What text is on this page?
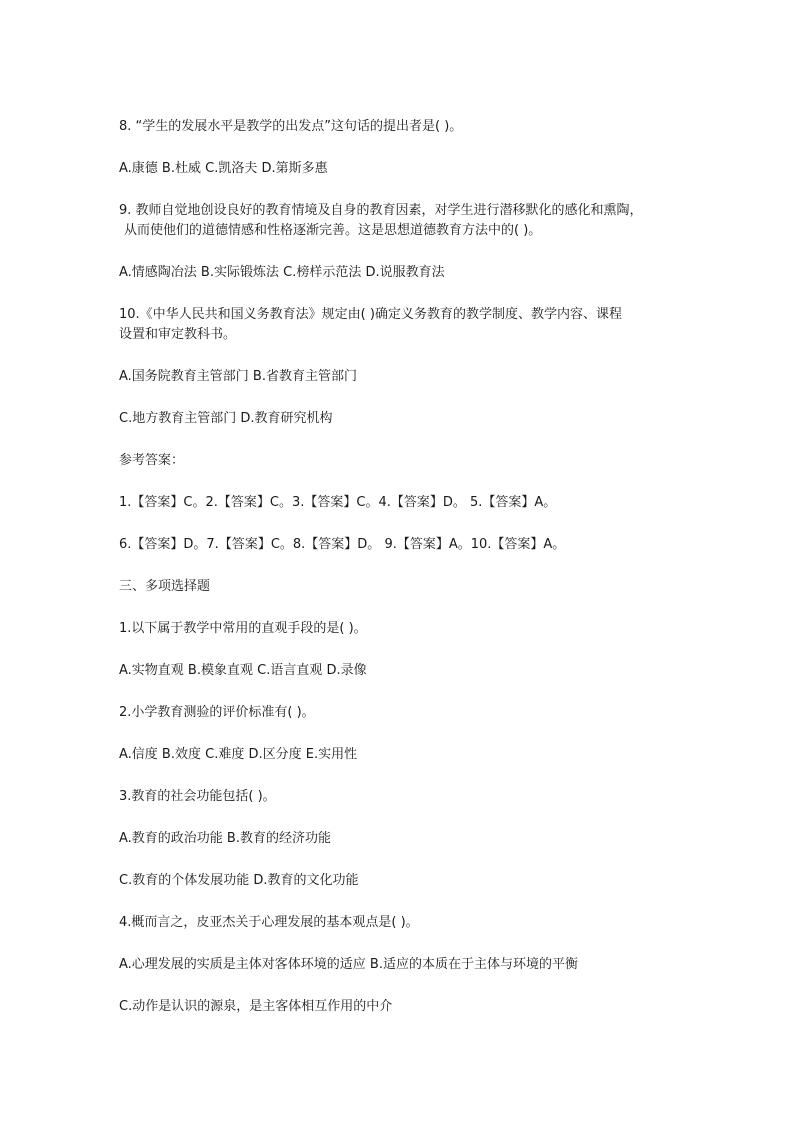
8. “学生的发展水平是教学的出发点”这句话的提出者是( )。
A.康德 B.杜威 C.凯洛夫 D.第斯多惠
9. 教师自觉地创设良好的教育情境及自身的教育因素，对学生进行潜移默化的感化和熏陶，
从而使他们的道德情感和性格逐渐完善。这是思想道德教育方法中的( )。
A.情感陶冶法 B.实际锻炼法 C.榜样示范法 D.说服教育法
10.《中华人民共和国义务教育法》规定由( )确定义务教育的教学制度、教学内容、课程
设置和审定教科书。
A.国务院教育主管部门 B.省教育主管部门
C.地方教育主管部门 D.教育研究机构
参考答案：
1.【答案】C。2.【答案】C。3.【答案】C。4.【答案】D。 5.【答案】A。
6.【答案】D。7.【答案】C。8.【答案】D。 9.【答案】A。10.【答案】A。
三、多项选择题
1.以下属于教学中常用的直观手段的是( )。
A.实物直观 B.模象直观 C.语言直观 D.录像
2.小学教育测验的评价标准有( )。
A.信度 B.效度 C.难度 D.区分度 E.实用性
3.教育的社会功能包括( )。
A.教育的政治功能 B.教育的经济功能
C.教育的个体发展功能 D.教育的文化功能
4.概而言之，皮亚杰关于心理发展的基本观点是( )。
A.心理发展的实质是主体对客体环境的适应 B.适应的本质在于主体与环境的平衡
C.动作是认识的源泉，是主客体相互作用的中介
